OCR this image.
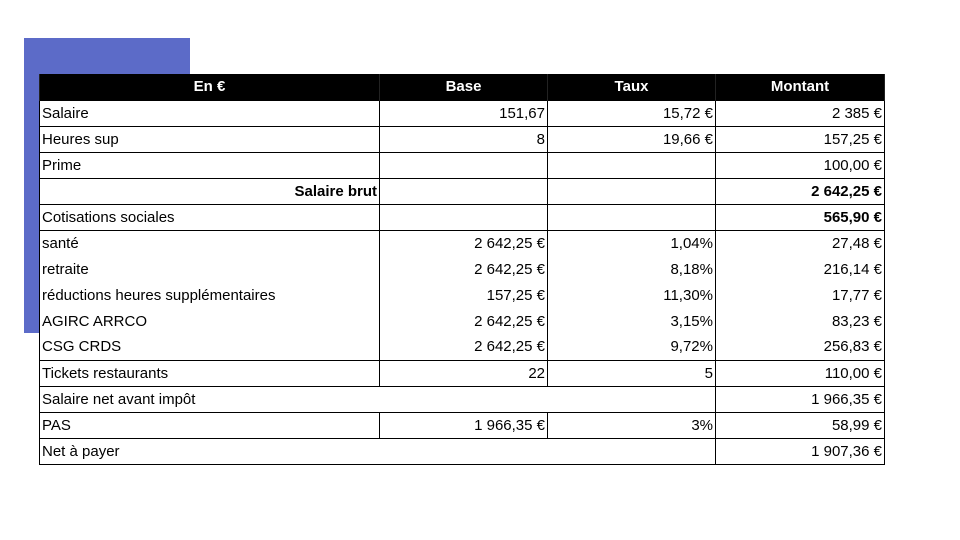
En €	Base	Taux	Montant
Salaire	151,67	15,72 €	2 385 €
Heures sup	8	19,66 €	157,25 €
Prime			100,00 €
Salaire brut			2 642,25 €
Cotisations sociales			565,90 €
santé	2 642,25 €	1,04%	27,48 €
retraite	2 642,25 €	8,18%	216,14 €
réductions heures supplémentaires	157,25 €	11,30%	17,77 €
AGIRC ARRCO	2 642,25 €	3,15%	83,23 €
CSG CRDS	2 642,25 €	9,72%	256,83 €
Tickets restaurants	22	5	110,00 €
Salaire net avant impôt			1 966,35 €
PAS	1 966,35 €	3%	58,99 €
Net à payer			1 907,36 €
